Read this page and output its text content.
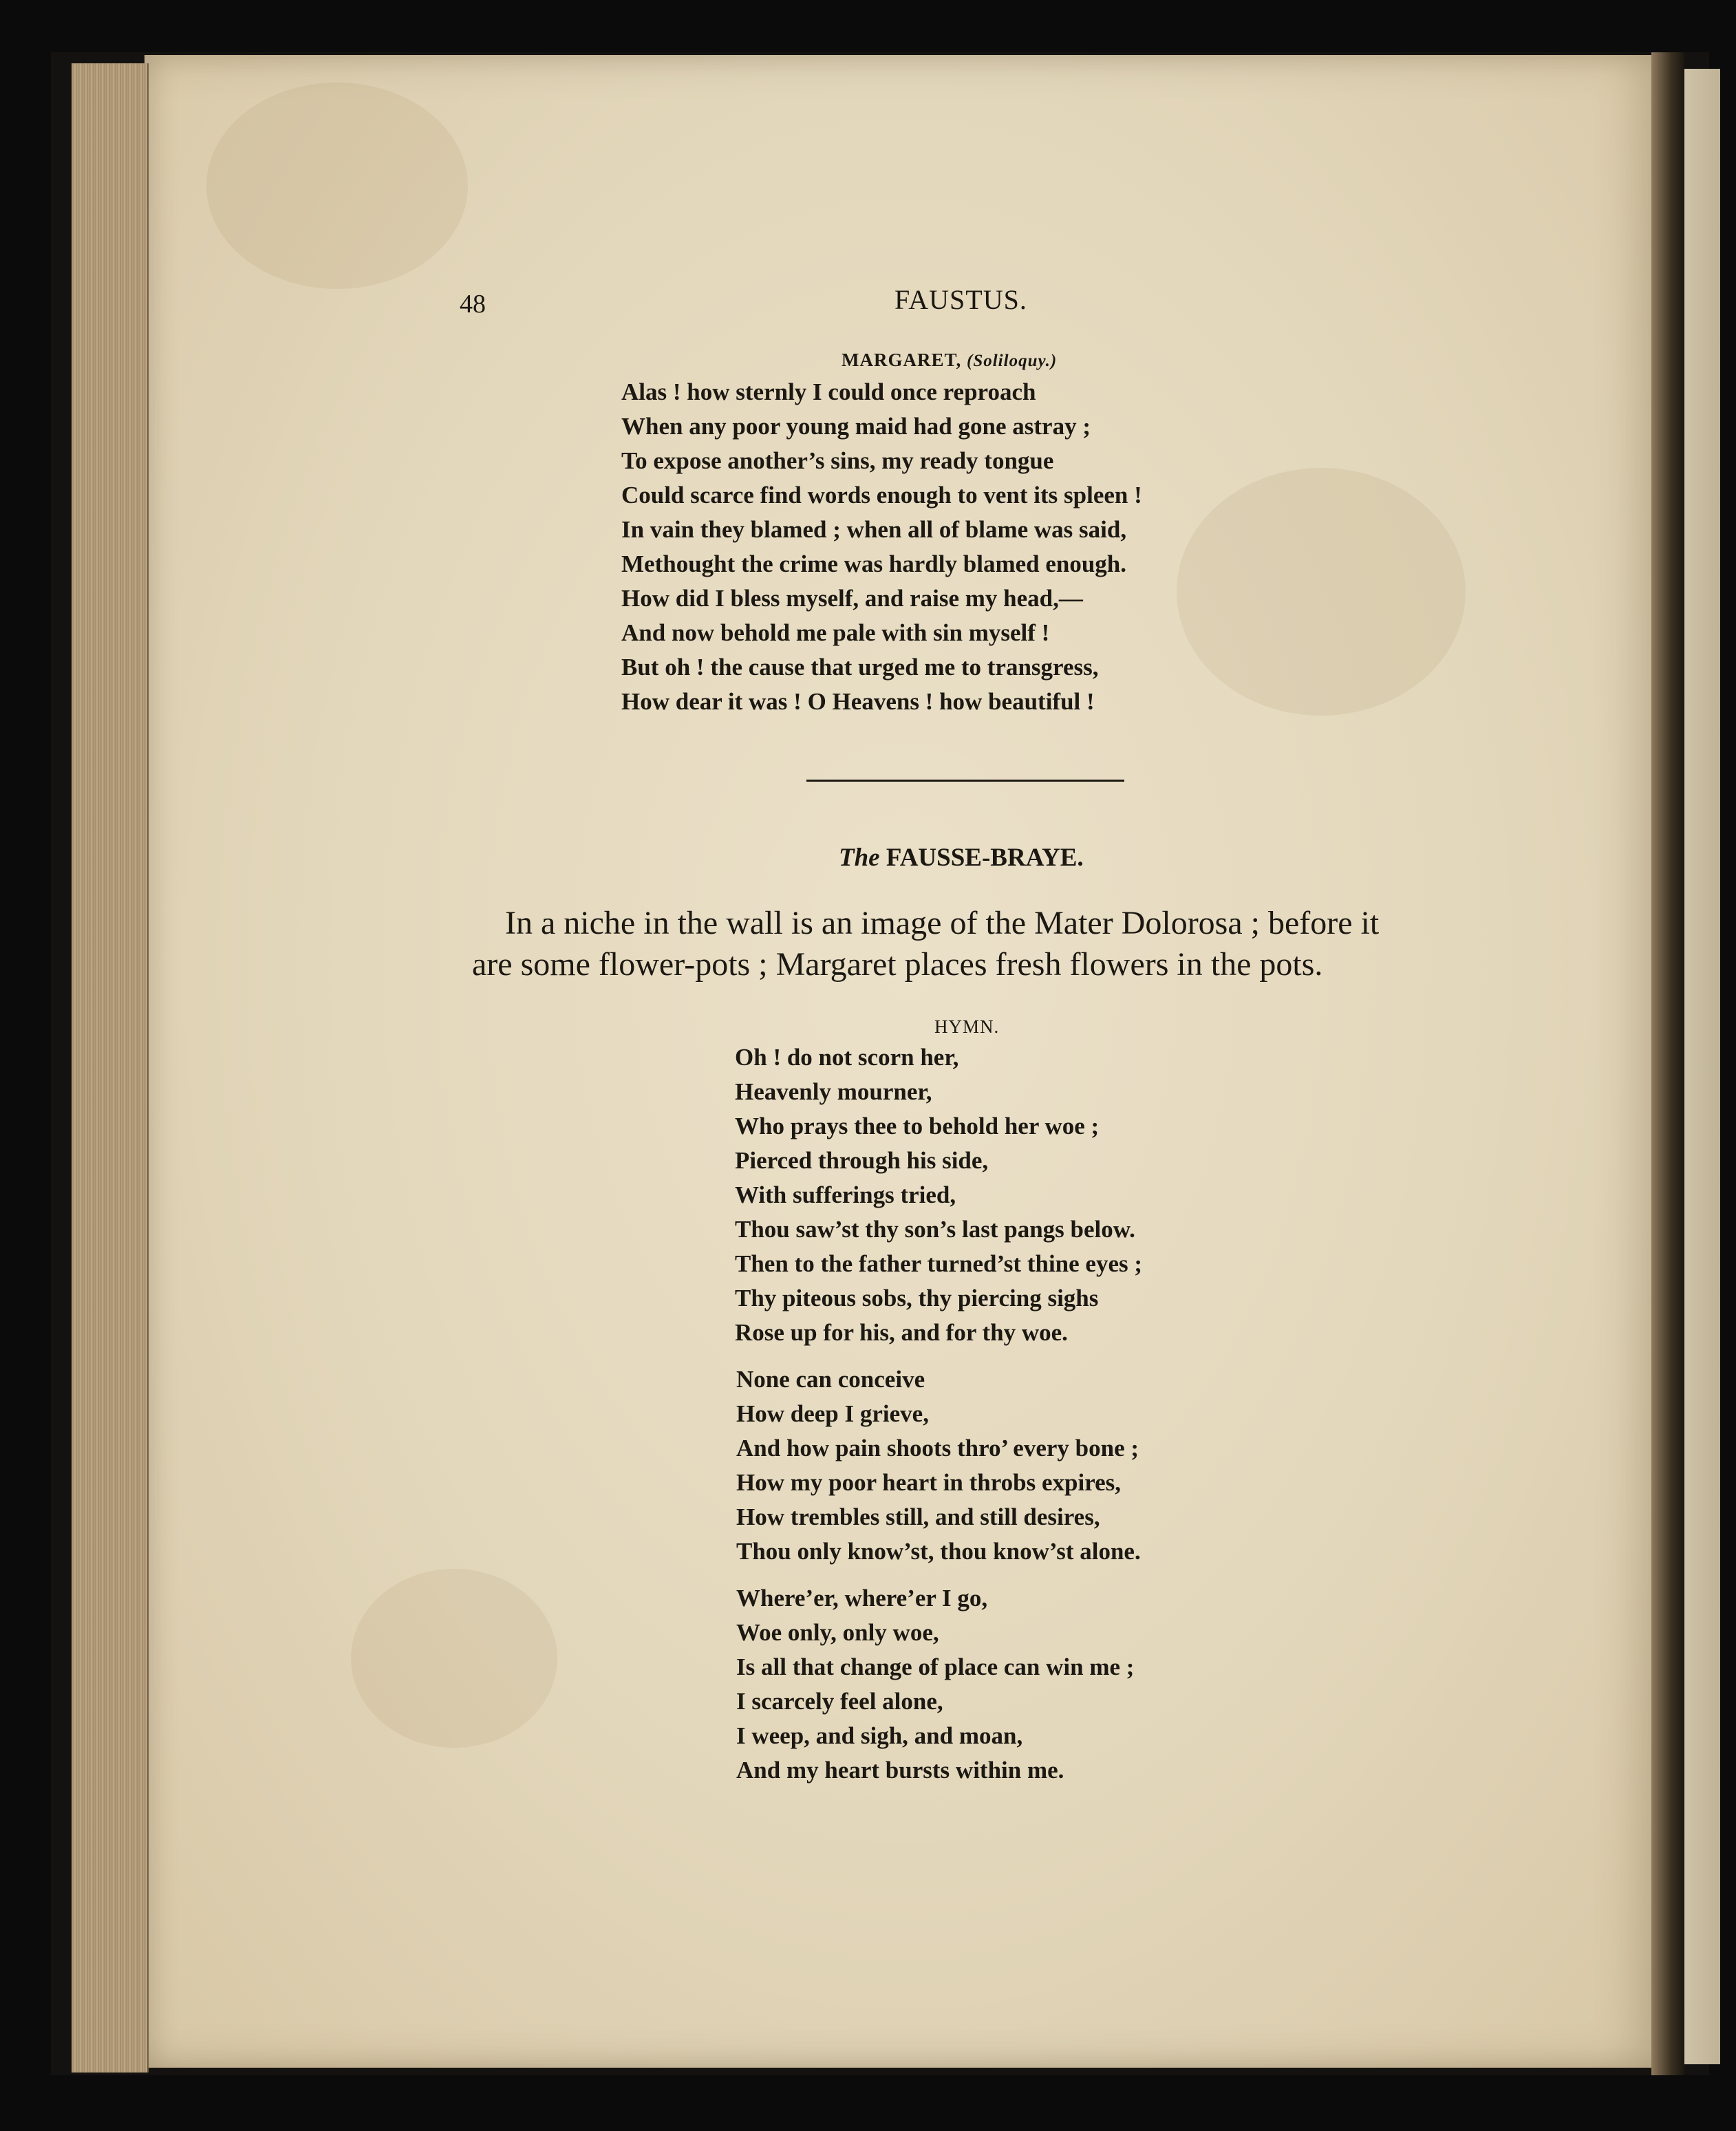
48	FAUSTUS.
MARGARET, (Soliloquy.)
Alas ! how sternly I could once reproach
When any poor young maid had gone astray ;
To expose another’s sins, my ready tongue
Could scarce find words enough to vent its spleen !
In vain they blamed ; when all of blame was said,
Methought the crime was hardly blamed enough.
How did I bless myself, and raise my head,—
And now behold me pale with sin myself !
But oh ! the cause that urged me to transgress,
How dear it was ! O Heavens ! how beautiful !
The FAUSSE-BRAYE.
In a niche in the wall is an image of the Mater Dolorosa ; before it
are some flower-pots ; Margaret places fresh flowers in the pots.
HYMN.
Oh ! do not scorn her,
Heavenly mourner,
Who prays thee to behold her woe ;
Pierced through his side,
With sufferings tried,
Thou saw’st thy son’s last pangs below.
Then to the father turned’st thine eyes ;
Thy piteous sobs, thy piercing sighs
Rose up for his, and for thy woe.
None can conceive
How deep I grieve,
And how pain shoots thro’ every bone ;
How my poor heart in throbs expires,
How trembles still, and still desires,
Thou only know’st, thou know’st alone.
Where’er, where’er I go,
Woe only, only woe,
Is all that change of place can win me ;
I scarcely feel alone,
I weep, and sigh, and moan,
And my heart bursts within me.
